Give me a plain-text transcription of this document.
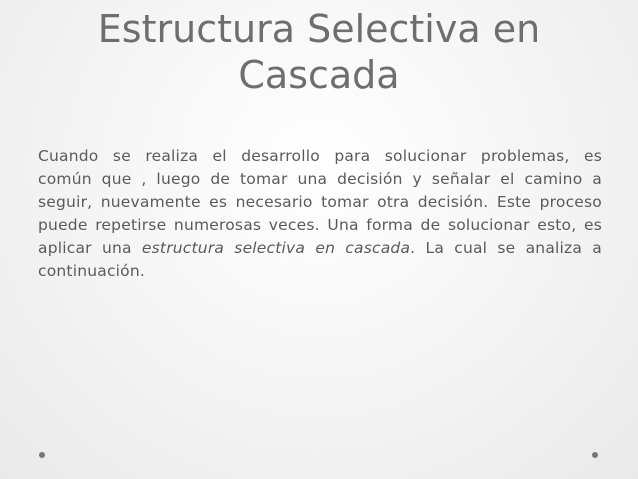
Estructura Selectiva en Cascada

Cuando se realiza el desarrollo para solucionar problemas, es común que , luego de tomar una decisión y señalar el camino a seguir, nuevamente es necesario tomar otra decisión. Este proceso puede repetirse numerosas veces. Una forma de solucionar esto, es aplicar una estructura selectiva en cascada. La cual se analiza a continuación.
